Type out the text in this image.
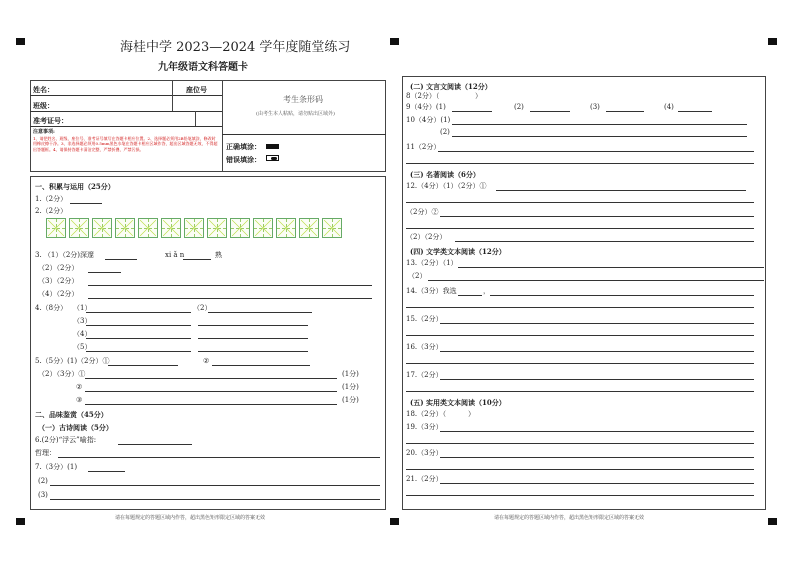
海桂中学 2023—2024 学年度随堂练习
九年级语文科答题卡
姓名：	座位号
班级：
准考证号：
注意事项:
1、请把姓名、班级、座位号、准考证号填写在答题卡相应位置。2、选择题必须用2B铅笔填涂，修改时用橡皮擦干净。3、非选择题必须用0.5mm黑色水笔在答题卡相应区域作答，超出区域答题无效，不得超出答题框。4、请保持答题卡清洁完整，严禁折叠、严禁污损。
考生条形码
(由考生本人粘贴，请勿贴出区域外)
正确填涂：
错误填涂：
一、积累与运用（25分）
1.（2分）
2.（2分）
3. （1）（2分)深邃	xi ǎ n	熟
（2）（2分）
（3）（2分）
（4）（2分）
4.（8分） （1）	（2）
（3）
（4）
（5）
5.（5分）(1)（2分）①	②
（2）（3分）①	(1分)
②	(1分)
③	(1分)
二、品味鉴赏（45分）
（一）古诗阅读（5分）
6.(2分)“浮云”喻指:
哲理：
7.（3分）(1)
(2)
(3)
请在每题规定的答题区域内作答，超出黑色矩形限定区域的答案无效
(二) 文言文阅读（12分）
8（2分）（	）
9（4分）(1)	(2)	(3)	(4)
10（4分）(1)
(2)
11（2分）
(三) 名著阅读（6分）
12.（4分）（1）（2分）①
（2分）②
（2）（2分）
(四) 文学类文本阅读（12分）
13.（2分）（1）
（2）
14.（3分）我选	，
15.（2分）
16.（3分）
17.（2分）
(五) 实用类文本阅读（10分）
18.（2分）（	）
19.（3分）
20.（3分）
21.（2分）
请在每题规定的答题区域内作答，超出黑色矩形限定区域的答案无效
